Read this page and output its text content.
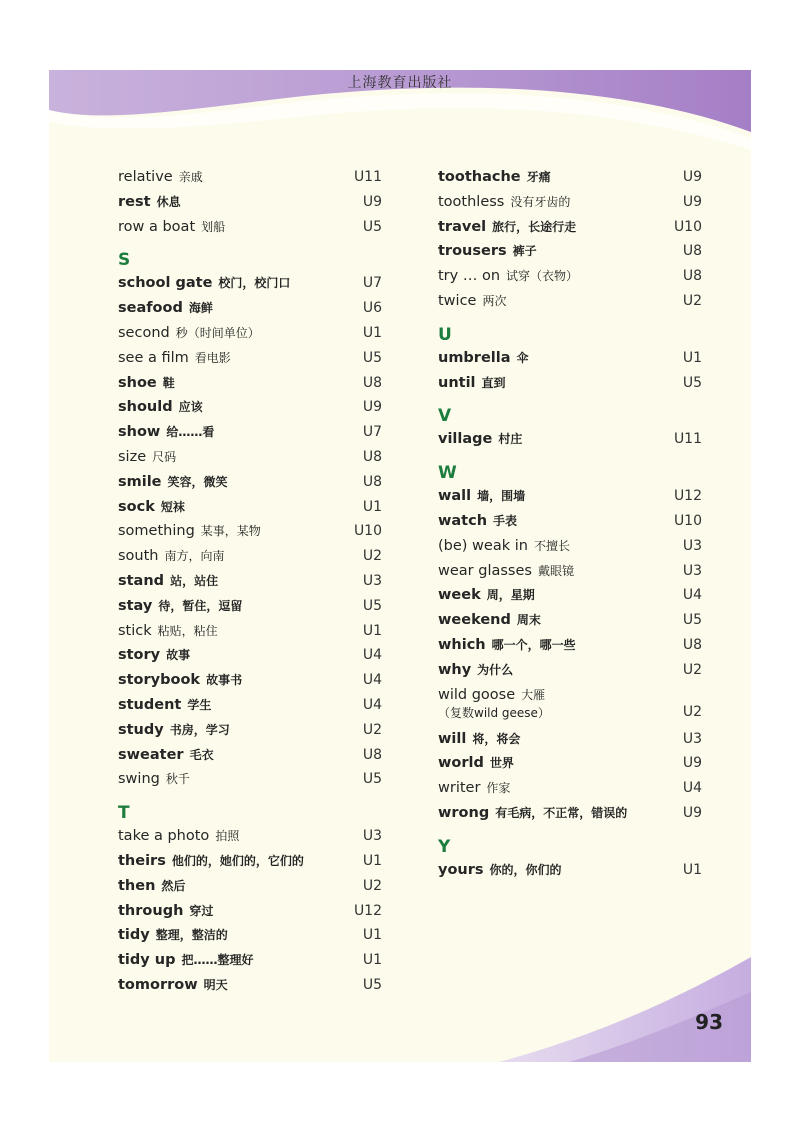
上海教育出版社
relative 亲戚	U11
rest 休息	U9
row a boat 划船	U5
S
school gate 校门，校门口	U7
seafood 海鲜	U6
second 秒（时间单位）	U1
see a film 看电影	U5
shoe 鞋	U8
should 应该	U9
show 给……看	U7
size 尺码	U8
smile 笑容，微笑	U8
sock 短袜	U1
something 某事，某物	U10
south 南方，向南	U2
stand 站，站住	U3
stay 待，暂住，逗留	U5
stick 粘贴，粘住	U1
story 故事	U4
storybook 故事书	U4
student 学生	U4
study 书房，学习	U2
sweater 毛衣	U8
swing 秋千	U5
T
take a photo 拍照	U3
theirs 他们的，她们的，它们的	U1
then 然后	U2
through 穿过	U12
tidy 整理，整洁的	U1
tidy up 把……整理好	U1
tomorrow 明天	U5
toothache 牙痛	U9
toothless 没有牙齿的	U9
travel 旅行，长途行走	U10
trousers 裤子	U8
try … on 试穿（衣物）	U8
twice 两次	U2
U
umbrella 伞	U1
until 直到	U5
V
village 村庄	U11
W
wall 墙，围墙	U12
watch 手表	U10
(be) weak in 不擅长	U3
wear glasses 戴眼镜	U3
week 周，星期	U4
weekend 周末	U5
which 哪一个，哪一些	U8
why 为什么	U2
wild goose 大雁
（复数wild geese）	U2
will 将，将会	U3
world 世界	U9
writer 作家	U4
wrong 有毛病，不正常，错误的	U9
Y
yours 你的，你们的	U1
93
